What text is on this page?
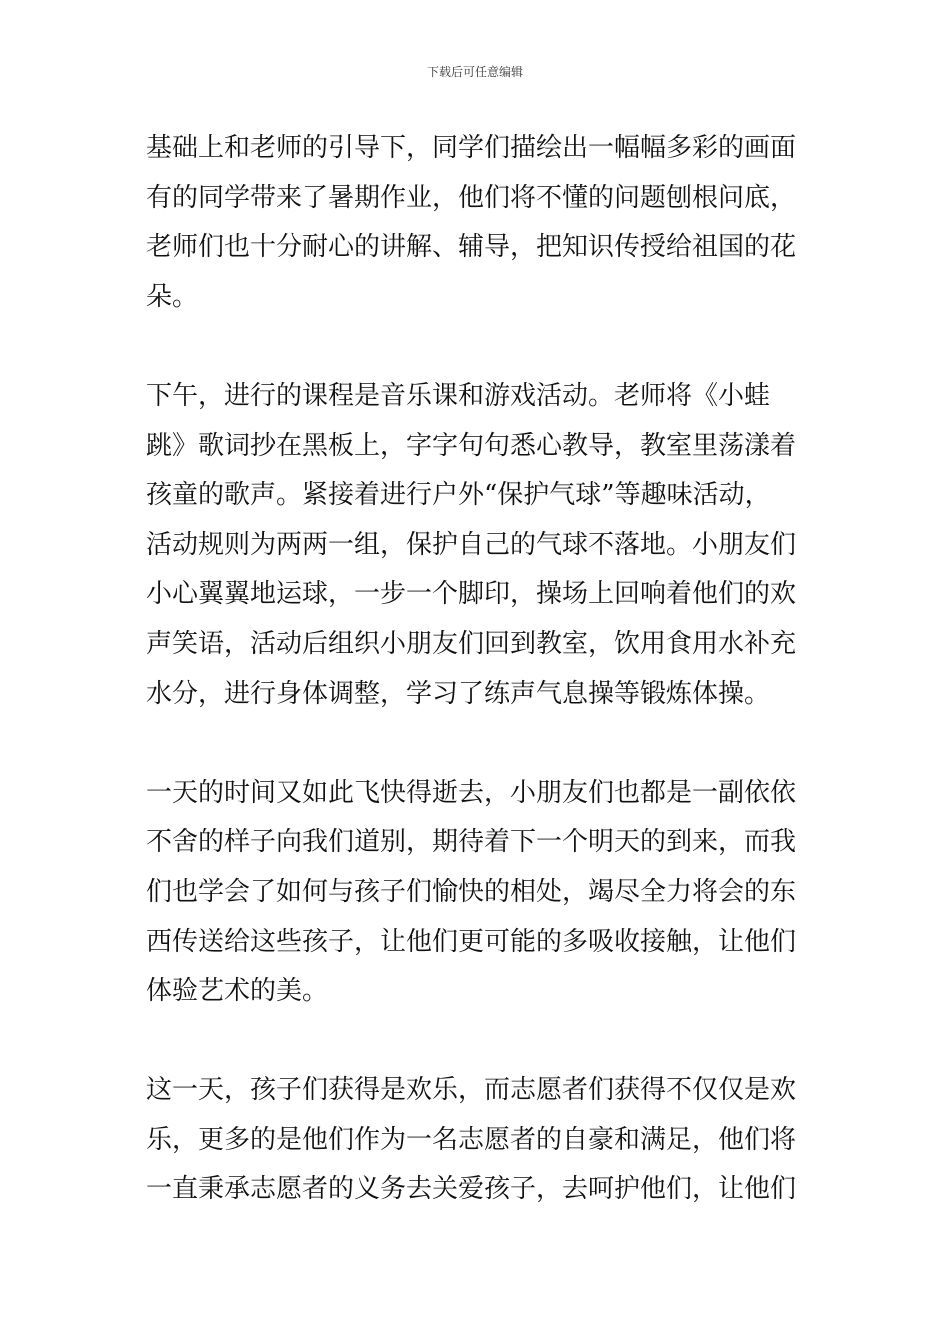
下载后可任意编辑
基础上和老师的引导下，同学们描绘出一幅幅多彩的画面
有的同学带来了暑期作业，他们将不懂的问题刨根问底，
老师们也十分耐心的讲解、辅导，把知识传授给祖国的花
朵。
下午，进行的课程是音乐课和游戏活动。老师将《小蛙
跳》歌词抄在黑板上，字字句句悉心教导，教室里荡漾着
孩童的歌声。紧接着进行户外“保护气球”等趣味活动，
活动规则为两两一组，保护自己的气球不落地。小朋友们
小心翼翼地运球，一步一个脚印，操场上回响着他们的欢
声笑语，活动后组织小朋友们回到教室，饮用食用水补充
水分，进行身体调整，学习了练声气息操等锻炼体操。
一天的时间又如此飞快得逝去，小朋友们也都是一副依依
不舍的样子向我们道别，期待着下一个明天的到来，而我
们也学会了如何与孩子们愉快的相处，竭尽全力将会的东
西传送给这些孩子，让他们更可能的多吸收接触，让他们
体验艺术的美。
这一天，孩子们获得是欢乐，而志愿者们获得不仅仅是欢
乐，更多的是他们作为一名志愿者的自豪和满足，他们将
一直秉承志愿者的义务去关爱孩子，去呵护他们，让他们
